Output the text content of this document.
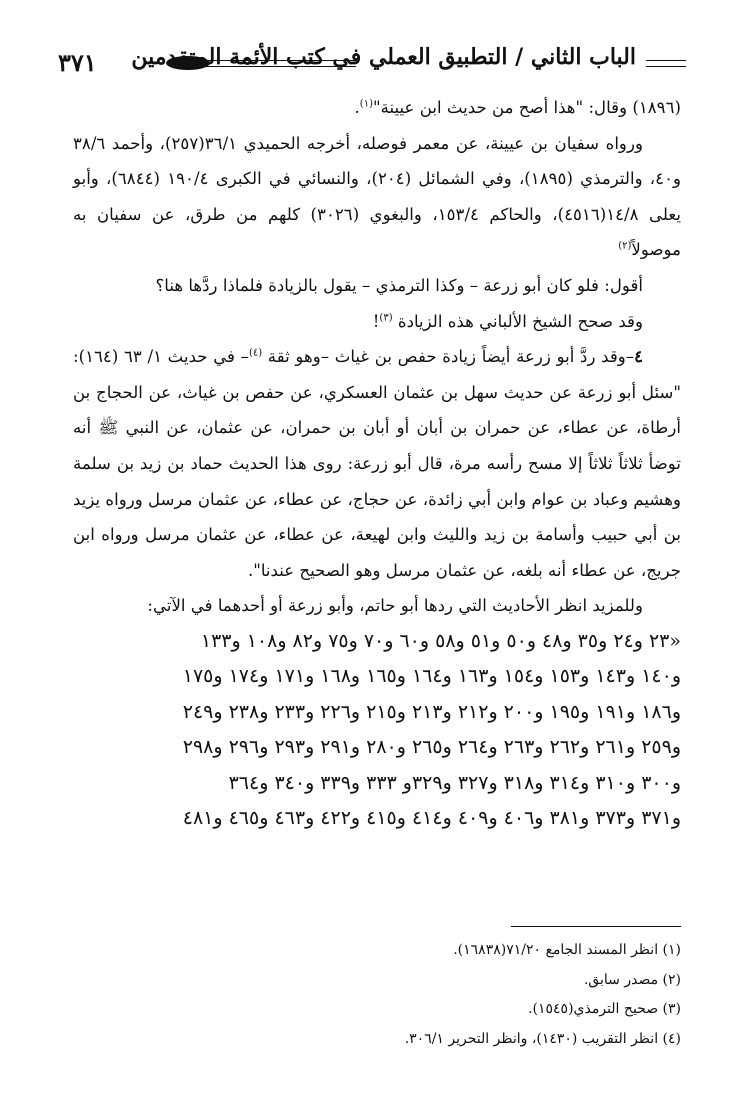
٣٧١ الباب الثاني / التطبيق العملي في كتب الأئمة المتقدمين

(١٨٩٦) وقال: "هذا أصح من حديث ابن عيينة"$^{(١)}$.

ورواه سفيان بن عيينة، عن معمر فوصله، أخرجه الحميدي ٣٦/١(٢٥٧)، وأحمد ٣٨/٦ و٤٠، والترمذي (١٨٩٥)، وفي الشمائل (٢٠٤)، والنسائي في الكبرى ١٩٠/٤ (٦٨٤٤)، وأبو يعلى ١٤/٨(٤٥١٦)، والحاكم ١٥٣/٤، والبغوي (٣٠٢٦) كلهم من طرق، عن سفيان به موصولاً$^{(٢)}$

أقول: فلو كان أبو زرعة – وكذا الترمذي – يقول بالزيادة فلماذا ردَّها هنا؟

وقد صحح الشيخ الألباني هذه الزيادة $^{(٣)}$!

٤–وقد ردَّ أبو زرعة أيضاً زيادة حفص بن غياث –وهو ثقة $^{(٤)}$– في حديث ١/ ٦٣ (١٦٤): "سئل أبو زرعة عن حديث سهل بن عثمان العسكري، عن حفص بن غياث، عن الحجاج بن أرطاة، عن عطاء، عن حمران بن أبان أو أبان بن حمران، عن عثمان، عن النبي ﷺ أنه توضأ ثلاثاً ثلاثاً إلا مسح رأسه مرة، قال أبو زرعة: روى هذا الحديث حماد بن زيد بن سلمة وهشيم وعباد بن عوام وابن أبي زائدة، عن حجاج، عن عطاء، عن عثمان مرسل ورواه يزيد بن أبي حبيب وأسامة بن زيد والليث وابن لهيعة، عن عطاء، عن عثمان مرسل ورواه ابن جريج، عن عطاء أنه بلغه، عن عثمان مرسل وهو الصحيح عندنا".

وللمزيد انظر الأحاديث التي ردها أبو حاتم، وأبو زرعة أو أحدهما في الآتي:

«٢٣ و٢٤ و٣٥ و٤٨ و٥٠ و٥١ و٥٨ و٦٠ و٧٠ و٧٥ و٨٢ و١٠٨ و١٣٣
و١٤٠ و١٤٣ و١٥٣ و١٥٤ و١٦٣ و١٦٤ و١٦٥ و١٦٨ و١٧١ و١٧٤ و١٧٥
و١٨٦ و١٩١ و١٩٥ و٢٠٠ و٢١٢ و٢١٣ و٢١٥ و٢٢٦ و٢٣٣ و٢٣٨ و٢٤٩
و٢٥٩ و٢٦١ و٢٦٢ و٢٦٣ و٢٦٤ و٢٦٥ و٢٨٠ و٢٩١ و٢٩٣ و٢٩٦ و٢٩٨
و٣٠٠ و٣١٠ و٣١٤ و٣١٨ و٣٢٧ و٣٢٩و ٣٣٣ و٣٣٩ و٣٤٠ و٣٦٤
و٣٧١ و٣٧٣ و٣٨١ و٤٠٦ و٤٠٩ و٤١٤ و٤١٥ و٤٢٢ و٤٦٣ و٤٦٥ و٤٨١
(١) انظر المسند الجامع ٧١/٢٠(١٦٨٣٨).
(٢) مصدر سابق.
(٣) صحيح الترمذي(١٥٤٥).
(٤) انظر التقريب (١٤٣٠)، وانظر التحرير ٣٠٦/١.
